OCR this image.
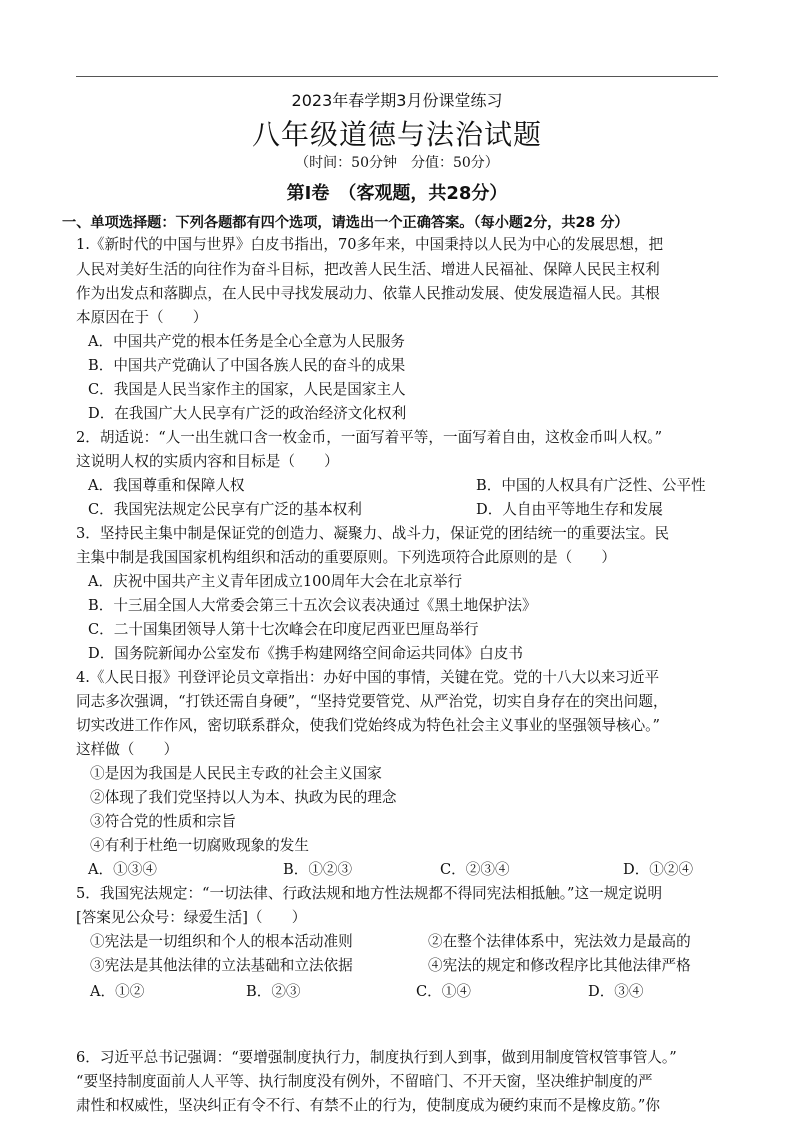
2023年春学期3月份课堂练习
八年级道德与法治试题
（时间：50分钟　分值：50分）
第Ⅰ卷　（客观题，共28分）
一、单项选择题：下列各题都有四个选项，请选出一个正确答案。（每小题2分，共28 分）
1.《新时代的中国与世界》白皮书指出，70多年来，中国秉持以人民为中心的发展思想，把
人民对美好生活的向往作为奋斗目标，把改善人民生活、增进人民福祉、保障人民民主权利
作为出发点和落脚点，在人民中寻找发展动力、依靠人民推动发展、使发展造福人民。其根
本原因在于（　　）
A．中国共产党的根本任务是全心全意为人民服务
B．中国共产党确认了中国各族人民的奋斗的成果
C．我国是人民当家作主的国家，人民是国家主人
D．在我国广大人民享有广泛的政治经济文化权利
2．胡适说：“人一出生就口含一枚金币，一面写着平等，一面写着自由，这枚金币叫人权。”
这说明人权的实质内容和目标是（　　）
A．我国尊重和保障人权	B．中国的人权具有广泛性、公平性
C．我国宪法规定公民享有广泛的基本权利	D．人自由平等地生存和发展
3．坚持民主集中制是保证党的创造力、凝聚力、战斗力，保证党的团结统一的重要法宝。民
主集中制是我国国家机构组织和活动的重要原则。下列选项符合此原则的是（　　）
A．庆祝中国共产主义青年团成立100周年大会在北京举行
B．十三届全国人大常委会第三十五次会议表决通过《黑土地保护法》
C．二十国集团领导人第十七次峰会在印度尼西亚巴厘岛举行
D．国务院新闻办公室发布《携手构建网络空间命运共同体》白皮书
4.《人民日报》刊登评论员文章指出：办好中国的事情，关键在党。党的十八大以来习近平
同志多次强调，“打铁还需自身硬”，“坚持党要管党、从严治党，切实自身存在的突出问题，
切实改进工作作风，密切联系群众，使我们党始终成为特色社会主义事业的坚强领导核心。”
这样做（　　）
①是因为我国是人民民主专政的社会主义国家
②体现了我们党坚持以人为本、执政为民的理念
③符合党的性质和宗旨
④有利于杜绝一切腐败现象的发生
A．①③④	B．①②③	C．②③④	D．①②④
5．我国宪法规定：“一切法律、行政法规和地方性法规都不得同宪法相抵触。”这一规定说明
[答案见公众号：绿爱生活]（　　）
①宪法是一切组织和个人的根本活动准则	②在整个法律体系中，宪法效力是最高的
③宪法是其他法律的立法基础和立法依据	④宪法的规定和修改程序比其他法律严格
A．①②	B．②③	C．①④	D．③④
6．习近平总书记强调：“要增强制度执行力，制度执行到人到事，做到用制度管权管事管人。”
“要坚持制度面前人人平等、执行制度没有例外，不留暗门、不开天窗，坚决维护制度的严
肃性和权威性，坚决纠正有令不行、有禁不止的行为，使制度成为硬约束而不是橡皮筋。”你
